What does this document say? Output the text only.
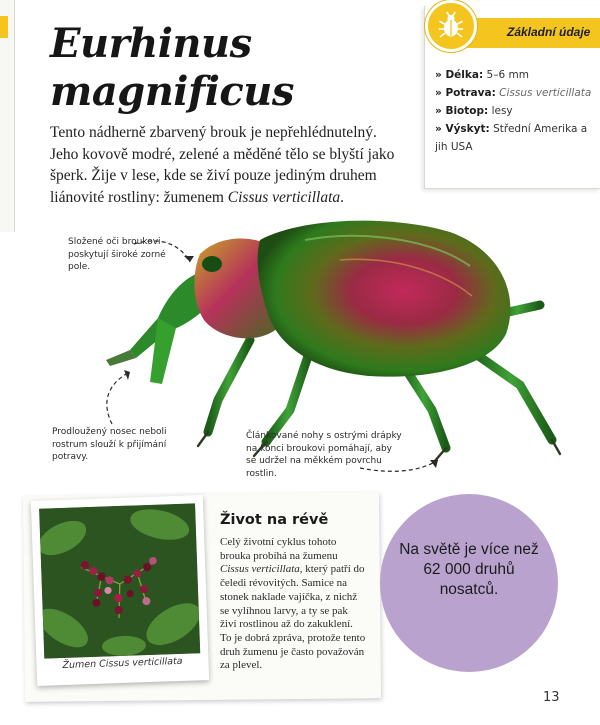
Eurhinus
magnificus

Tento nádherně zbarvený brouk je nepřehlédnutelný. Jeho kovově modré, zelené a měděné tělo se blyští jako šperk. Žije v lese, kde se živí pouze jediným druhem liánovité rostliny: žumenem Cissus verticillata.

Základní údaje
» Délka: 5–6 mm
» Potrava: Cissus verticillata
» Biotop: lesy
» Výskyt: Střední Amerika a jih USA

Složené oči broukovi poskytují široké zorné pole.

Prodloužený nosec neboli rostrum slouží k přijímání potravy.

Článkované nohy s ostrými drápky na konci broukovi pomáhají, aby se udržel na měkkém povrchu rostlin.

Žumen Cissus verticillata
Život na révě

Celý životní cyklus tohoto brouka probíhá na žumenu Cissus verticillata, který patří do čeledi révovitých. Samice na stonek naklade vajíčka, z nichž se vylíhnou larvy, a ty se pak živí rostlinou až do zakuklení. To je dobrá zpráva, protože tento druh žumenu je často považován za plevel.

Na světě je více než 62 000 druhů nosatců.

13
